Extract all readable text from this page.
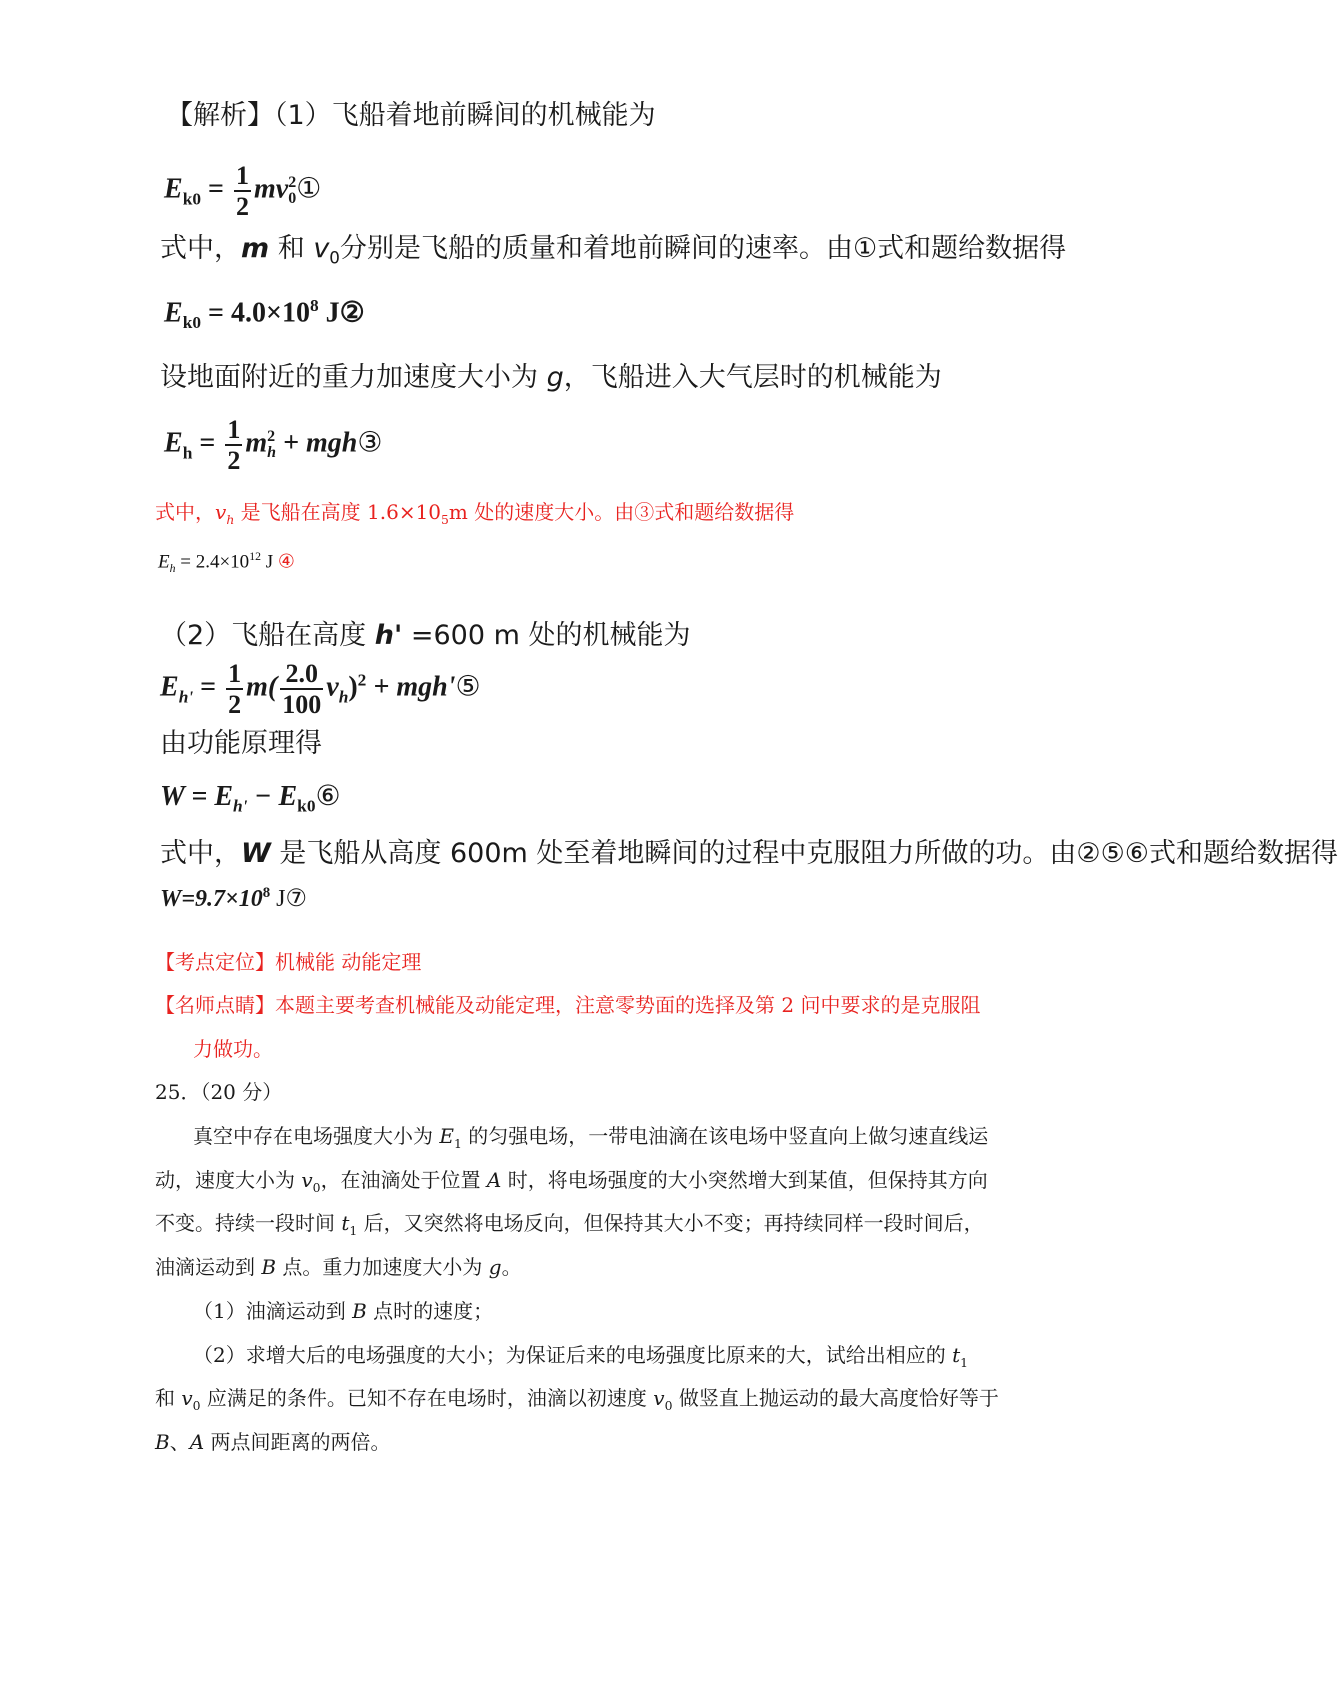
【解析】（1）飞船着地前瞬间的机械能为
$E_{k0} = \frac{1}{2}$ mv 2
0 ①
式中，m 和 $v_0$分别是飞船的质量和着地前瞬间的速率。由①式和题给数据得
$E_{k0} = 4.0\times 10^8$ J②
设地面附近的重力加速度大小为 g，飞船进入大气层时的机械能为
$E_h = \frac{1}{2}$ m 2
h + mgh③
式中，$v_h$ 是飞船在高度 $1.6\times 10_5m$ 处的速度大小。由③式和题给数据得
$E_h = 2.4\times 10^{12}$ J ④
（2）飞船在高度 h' =600 m 处的机械能为
$E_{h'} = \frac{1}{2} m( \frac{2.0}{100} v_h)^2$ + mgh'⑤
由功能原理得
$W = E_{h'}$ − $E_{k0}⑥$
式中，W 是飞船从高度 600m 处至着地瞬间的过程中克服阻力所做的功。由②⑤⑥式和题给数据得
$W=9.7\times 10^8$ J⑦
【考点定位】机械能 动能定理
【名师点睛】本题主要考查机械能及动能定理，注意零势面的选择及第 2 问中要求的是克服阻
力做功。
25．（20 分）
真空中存在电场强度大小为 $E_1$ 的匀强电场，一带电油滴在该电场中竖直向上做匀速直线运
动，速度大小为 $v_0$，在油滴处于位置 A 时，将电场强度的大小突然增大到某值，但保持其方向
不变。持续一段时间 $t_1$ 后，又突然将电场反向，但保持其大小不变；再持续同样一段时间后，
油滴运动到 B 点。重力加速度大小为 g。
（1）油滴运动到 B 点时的速度；
（2）求增大后的电场强度的大小；为保证后来的电场强度比原来的大，试给出相应的 $t_1$
和 $v_0$ 应满足的条件。已知不存在电场时，油滴以初速度 $v_0$ 做竖直上抛运动的最大高度恰好等于
B、A 两点间距离的两倍。
